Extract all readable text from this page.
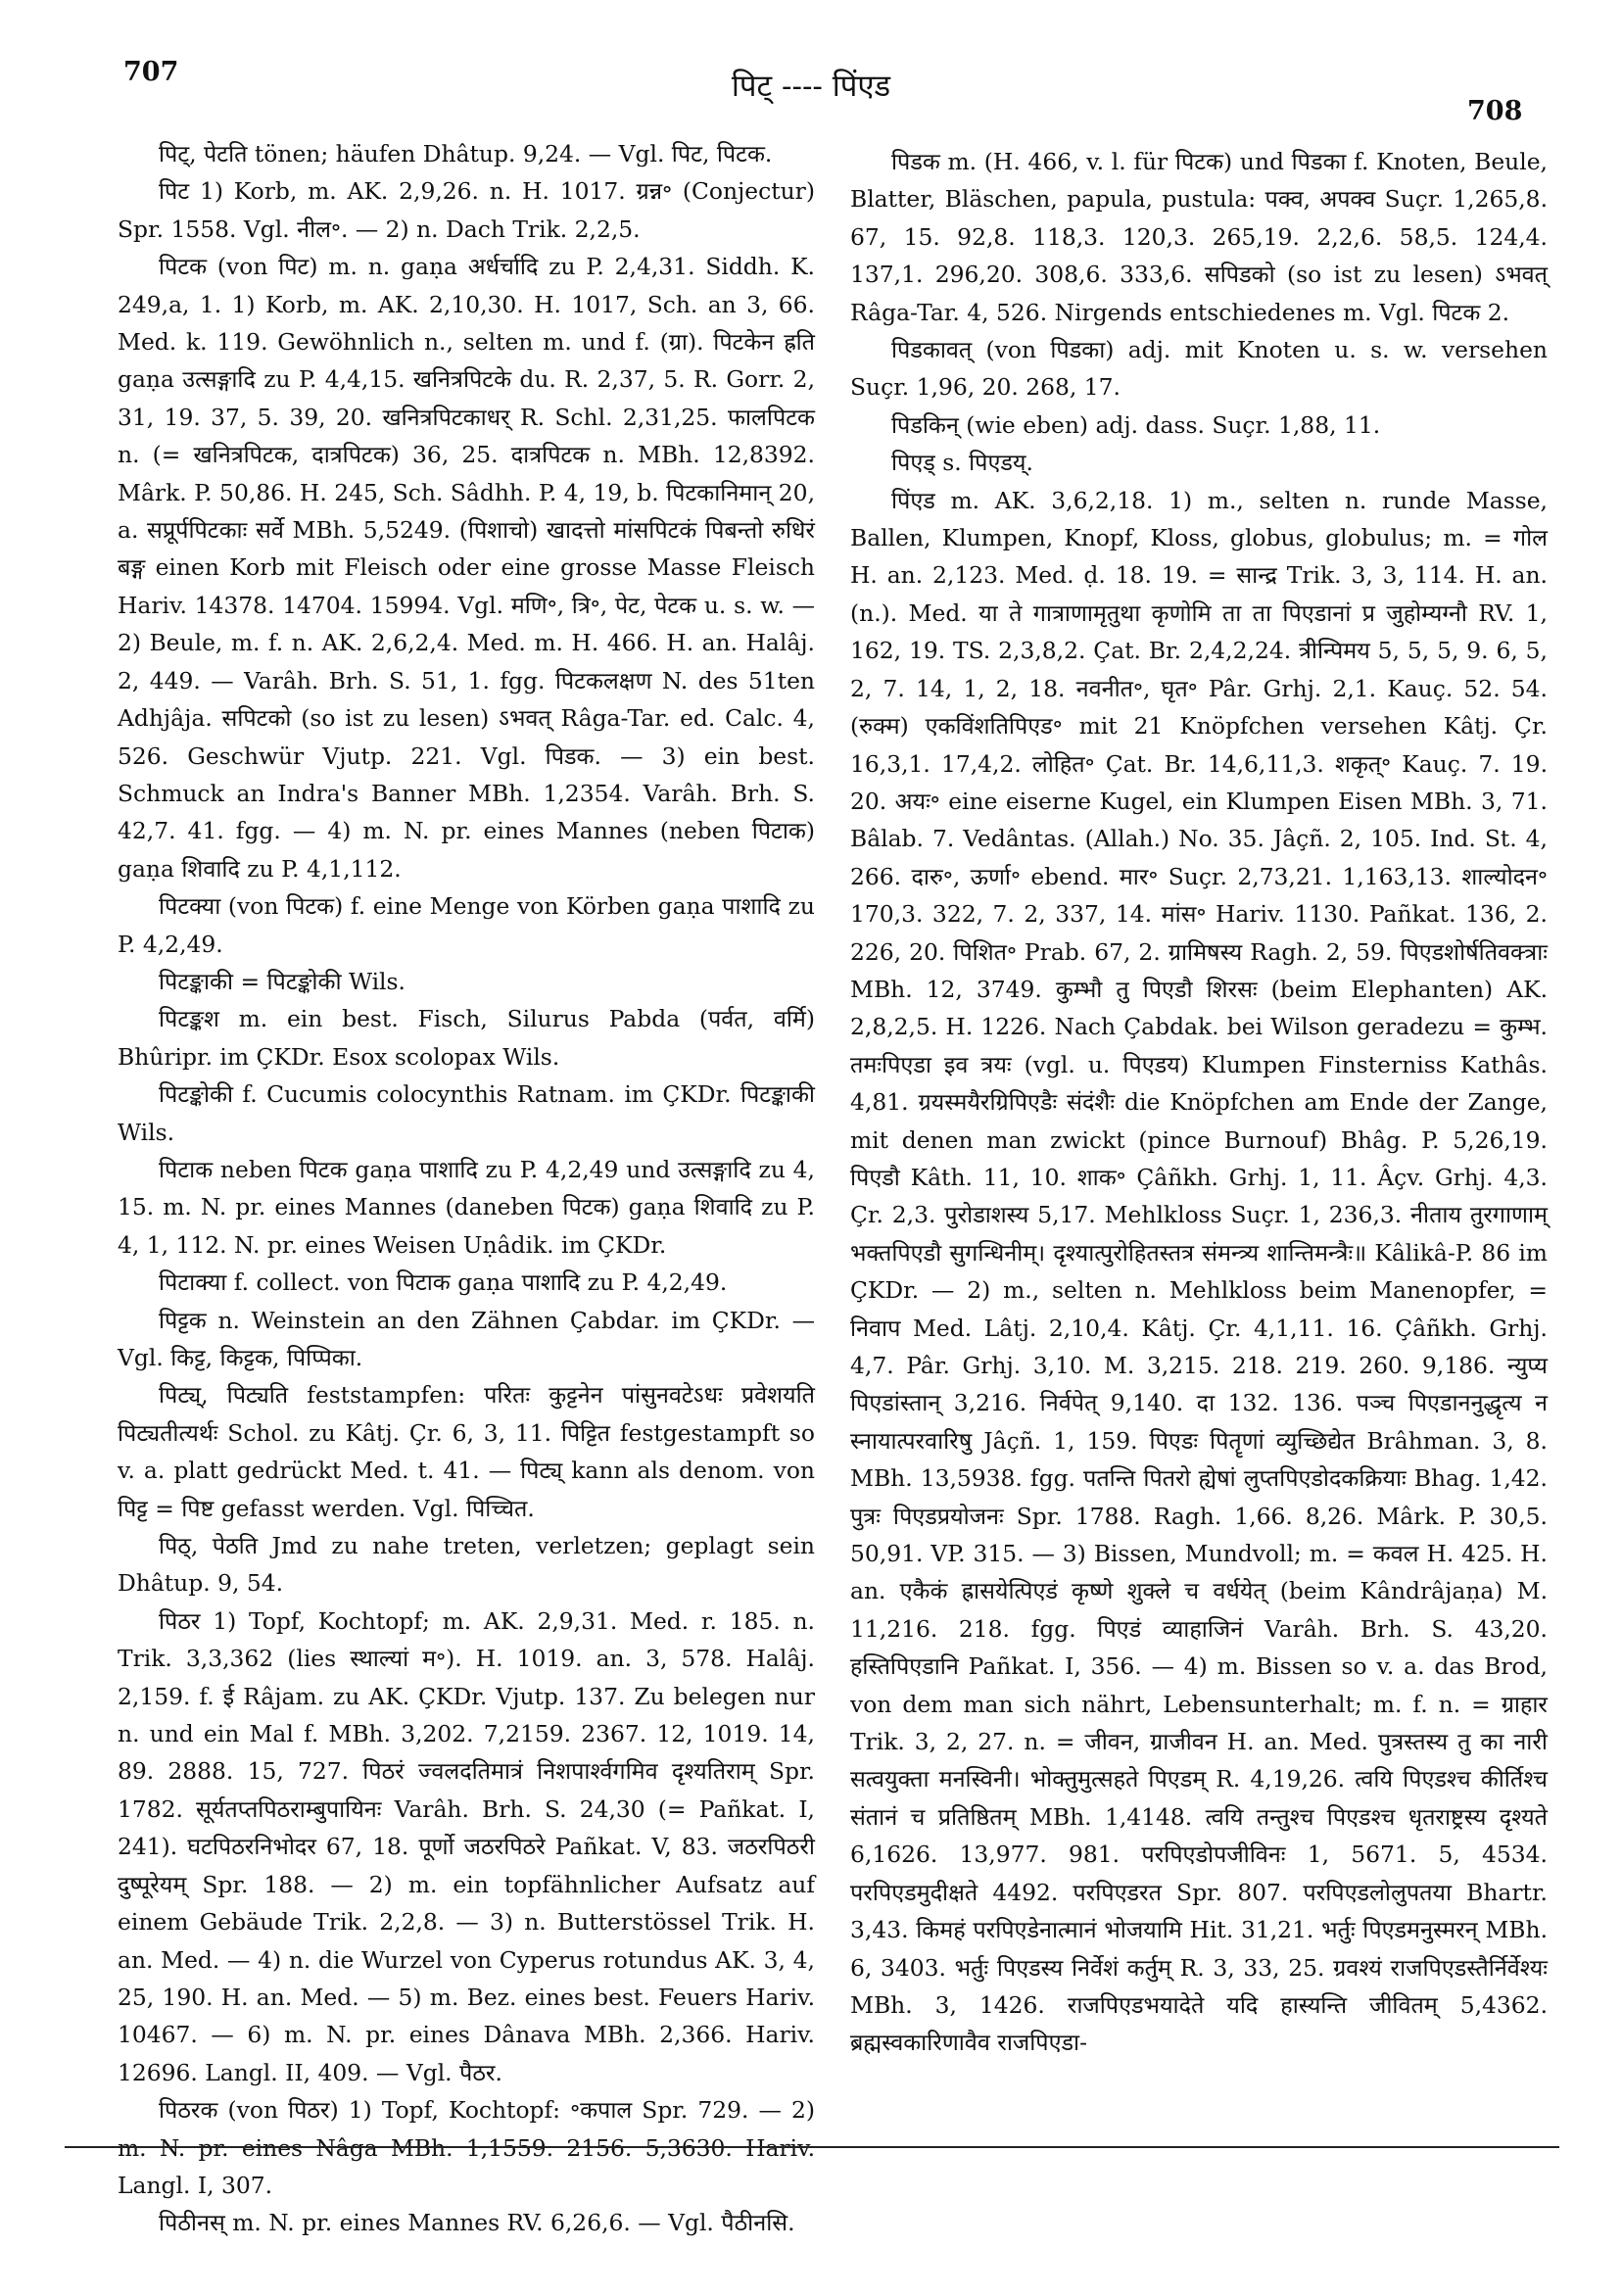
707	पिट् ---- पिंएड
708

पिट्, पेटति tönen; häufen Dhâtup. 9,24. — Vgl. पिट, पिटक.

पिट 1) Korb, m. AK. 2,9,26. n. H. 1017. ग्रन्न॰ (Conjectur) Spr. 1558. Vgl. नील॰. — 2) n. Dach Trik. 2,2,5.

पिटक (von पिट) m. n. gaṇa अर्धर्चादि zu P. 2,4,31. Siddh. K. 249,a, 1. 1) Korb, m. AK. 2,10,30. H. 1017, Sch. an 3, 66. Med. k. 119. Gewöhnlich n., selten m. und f. (ग्रा). पिटकेन ह्रति gaṇa उत्सङ्गादि zu P. 4,4,15. खनित्रपिटके du. R. 2,37, 5. R. Gorr. 2, 31, 19. 37, 5. 39, 20. खनित्रपिटकाधर् R. Schl. 2,31,25. फालपिटक n. (= खनित्रपिटक, दात्रपिटक) 36, 25. दात्रपिटक n. MBh. 12,8392. Mârk. P. 50,86. H. 245, Sch. Sâdhh. P. 4, 19, b. पिटकानिमान् 20, a. सप्रूर्पपिटकाः सर्वे MBh. 5,5249. (पिशाचो) खादत्तो मांसपिटकं पिबन्तो रुधिरं बङ्ग einen Korb mit Fleisch oder eine grosse Masse Fleisch Hariv. 14378. 14704. 15994. Vgl. मणि॰, त्रि॰, पेट, पेटक u. s. w. — 2) Beule, m. f. n. AK. 2,6,2,4. Med. m. H. 466. H. an. Halâj. 2, 449. — Varâh. Brh. S. 51, 1. fgg. पिटकलक्षण N. des 51ten Adhjâja. सपिटको (so ist zu lesen) ऽभवत् Râga-Tar. ed. Calc. 4, 526. Geschwür Vjutp. 221. Vgl. पिडक. — 3) ein best. Schmuck an Indra's Banner MBh. 1,2354. Varâh. Brh. S. 42,7. 41. fgg. — 4) m. N. pr. eines Mannes (neben पिटाक) gaṇa शिवादि zu P. 4,1,112.

पिटक्या (von पिटक) f. eine Menge von Körben gaṇa पाशादि zu P. 4,2,49.

पिटङ्काकी = पिटङ्कोकी Wils.

पिटङ्कश m. ein best. Fisch, Silurus Pabda (पर्वत, वर्मि) Bhûripr. im ÇKDr. Esox scolopax Wils.

पिटङ्कोकी f. Cucumis colocynthis Ratnam. im ÇKDr. पिटङ्काकी Wils.

पिटाक neben पिटक gaṇa पाशादि zu P. 4,2,49 und उत्सङ्गादि zu 4, 15. m. N. pr. eines Mannes (daneben पिटक) gaṇa शिवादि zu P. 4, 1, 112. N. pr. eines Weisen Uṇâdik. im ÇKDr.

पिटाक्या f. collect. von पिटाक gaṇa पाशादि zu P. 4,2,49.

पिट्टक n. Weinstein an den Zähnen Çabdar. im ÇKDr. — Vgl. किट्ट, किट्टक, पिप्पिका.

पिट्य्, पिट्यति feststampfen: परितः कुट्टनेन पांसुनवटेऽधः प्रवेशयति पिट्यतीत्यर्थः Schol. zu Kâtj. Çr. 6, 3, 11. पिट्टित festgestampft so v. a. platt gedrückt Med. t. 41. — पिट्य् kann als denom. von पिट्ट = पिष्ट gefasst werden. Vgl. पिच्चित.

पिठ्, पेठति Jmd zu nahe treten, verletzen; geplagt sein Dhâtup. 9, 54.

पिठर 1) Topf, Kochtopf; m. AK. 2,9,31. Med. r. 185. n. Trik. 3,3,362 (lies स्थाल्यां म॰). H. 1019. an. 3, 578. Halâj. 2,159. f. ई Râjam. zu AK. ÇKDr. Vjutp. 137. Zu belegen nur n. und ein Mal f. MBh. 3,202. 7,2159. 2367. 12, 1019. 14, 89. 2888. 15, 727. पिठरं ज्वलदतिमात्रं निशपार्श्वगमिव दृश्यतिराम् Spr. 1782. सूर्यतप्तपिठराम्बुपायिनः Varâh. Brh. S. 24,30 (= Pañkat. I, 241). घटपिठरनिभोदर 67, 18. पूर्णो जठरपिठरे Pañkat. V, 83. जठरपिठरी दुष्पूरेयम् Spr. 188. — 2) m. ein topfähnlicher Aufsatz auf einem Gebäude Trik. 2,2,8. — 3) n. Butterstössel Trik. H. an. Med. — 4) n. die Wurzel von Cyperus rotundus AK. 3, 4, 25, 190. H. an. Med. — 5) m. Bez. eines best. Feuers Hariv. 10467. — 6) m. N. pr. eines Dânava MBh. 2,366. Hariv. 12696. Langl. II, 409. — Vgl. पैठर.

पिठरक (von पिठर) 1) Topf, Kochtopf: ॰कपाल Spr. 729. — 2) m. N. pr. eines Nâga MBh. 1,1559. 2156. 5,3630. Hariv. Langl. I, 307.

पिठीनस् m. N. pr. eines Mannes RV. 6,26,6. — Vgl. पैठीनसि.

पिडक m. (H. 466, v. l. für पिटक) und पिडका f. Knoten, Beule, Blatter, Bläschen, papula, pustula: पक्व, अपक्व Suçr. 1,265,8. 67, 15. 92,8. 118,3. 120,3. 265,19. 2,2,6. 58,5. 124,4. 137,1. 296,20. 308,6. 333,6. सपिडको (so ist zu lesen) ऽभवत् Râga-Tar. 4, 526. Nirgends entschiedenes m. Vgl. पिटक 2.

पिडकावत् (von पिडका) adj. mit Knoten u. s. w. versehen Suçr. 1,96, 20. 268, 17.

पिडकिन् (wie eben) adj. dass. Suçr. 1,88, 11.

पिएड् s. पिएडय्.

पिंएड m. AK. 3,6,2,18. 1) m., selten n. runde Masse, Ballen, Klumpen, Knopf, Kloss, globus, globulus; m. = गोल H. an. 2,123. Med. ḍ. 18. 19. = सान्द्र Trik. 3, 3, 114. H. an. (n.). Med. या ते गात्राणामृतुथा कृणोमि ता ता पिएडानां प्र जुहोम्यग्नौ RV. 1, 162, 19. TS. 2,3,8,2. Çat. Br. 2,4,2,24. त्रीन्पिमय 5, 5, 5, 9. 6, 5, 2, 7. 14, 1, 2, 18. नवनीत॰, घृत॰ Pâr. Grhj. 2,1. Kauç. 52. 54. (रुक्म) एकविंशतिपिएड॰ mit 21 Knöpfchen versehen Kâtj. Çr. 16,3,1. 17,4,2. लोहित॰ Çat. Br. 14,6,11,3. शकृत्॰ Kauç. 7. 19. 20. अयः॰ eine eiserne Kugel, ein Klumpen Eisen MBh. 3, 71. Bâlab. 7. Vedântas. (Allah.) No. 35. Jâçñ. 2, 105. Ind. St. 4, 266. दारु॰, ऊर्णा॰ ebend. मार॰ Suçr. 2,73,21. 1,163,13. शाल्योदन॰ 170,3. 322, 7. 2, 337, 14. मांस॰ Hariv. 1130. Pañkat. 136, 2. 226, 20. पिशित॰ Prab. 67, 2. ग्रामिषस्य Ragh. 2, 59. पिएडशोर्षतिवक्त्राः MBh. 12, 3749. कुम्भौ तु पिएडौ शिरसः (beim Elephanten) AK. 2,8,2,5. H. 1226. Nach Çabdak. bei Wilson geradezu = कुम्भ. तमःपिएडा इव त्रयः (vgl. u. पिएडय) Klumpen Finsterniss Kathâs. 4,81. ग्रयस्मयैरग्रिपिएडैः संदंशैः die Knöpfchen am Ende der Zange, mit denen man zwickt (pince Burnouf) Bhâg. P. 5,26,19. पिएडौ Kâth. 11, 10. शाक॰ Çâñkh. Grhj. 1, 11. Âçv. Grhj. 4,3. Çr. 2,3. पुरोडाशस्य 5,17. Mehlkloss Suçr. 1, 236,3. नीताय तुरगाणाम् भक्तपिएडौ सुगन्धिनीम्। दृश्यात्पुरोहितस्तत्र संमन्त्र्य शान्तिमन्त्रैः॥ Kâlikâ-P. 86 im ÇKDr. — 2) m., selten n. Mehlkloss beim Manenopfer, = निवाप Med. Lâtj. 2,10,4. Kâtj. Çr. 4,1,11. 16. Çâñkh. Grhj. 4,7. Pâr. Grhj. 3,10. M. 3,215. 218. 219. 260. 9,186. न्युप्य पिएडांस्तान् 3,216. निर्वपेत् 9,140. दा 132. 136. पञ्च पिएडाननुद्धृत्य न स्नायात्परवारिषु Jâçñ. 1, 159. पिएडः पितॄणां व्युच्छिद्येत Brâhman. 3, 8. MBh. 13,5938. fgg. पतन्ति पितरो ह्येषां लुप्तपिएडोदकक्रियाः Bhag. 1,42. पुत्रः पिएडप्रयोजनः Spr. 1788. Ragh. 1,66. 8,26. Mârk. P. 30,5. 50,91. VP. 315. — 3) Bissen, Mundvoll; m. = कवल H. 425. H. an. एकैकं ह्रासयेत्पिएडं कृष्णे शुक्ले च वर्धयेत् (beim Kândrâjaṇa) M. 11,216. 218. fgg. पिएडं व्याहाजिनं Varâh. Brh. S. 43,20. हस्तिपिएडानि Pañkat. I, 356. — 4) m. Bissen so v. a. das Brod, von dem man sich nährt, Lebensunterhalt; m. f. n. = ग्राहार Trik. 3, 2, 27. n. = जीवन, ग्राजीवन H. an. Med. पुत्रस्तस्य तु का नारी सत्वयुक्ता मनस्विनी। भोक्तुमुत्सहते पिएडम् R. 4,19,26. त्वयि पिएडश्च कीर्तिश्च संतानं च प्रतिष्ठितम् MBh. 1,4148. त्वयि तन्तुश्च पिएडश्च धृतराष्ट्रस्य दृश्यते 6,1626. 13,977. 981. परपिएडोपजीविनः 1, 5671. 5, 4534. परपिएडमुदीक्षते 4492. परपिएडरत Spr. 807. परपिएडलोलुपतया Bhartr. 3,43. किमहं परपिएडेनात्मानं भोजयामि Hit. 31,21. भर्तुः पिएडमनुस्मरन् MBh. 6, 3403. भर्तुः पिएडस्य निर्वेशं कर्तुम् R. 3, 33, 25. ग्रवश्यं राजपिएडस्तैर्निर्वेश्यः MBh. 3, 1426. राजपिएडभयादेते यदि हास्यन्ति जीवितम् 5,4362. ब्रह्मस्वकारिणावैव राजपिएडा-
